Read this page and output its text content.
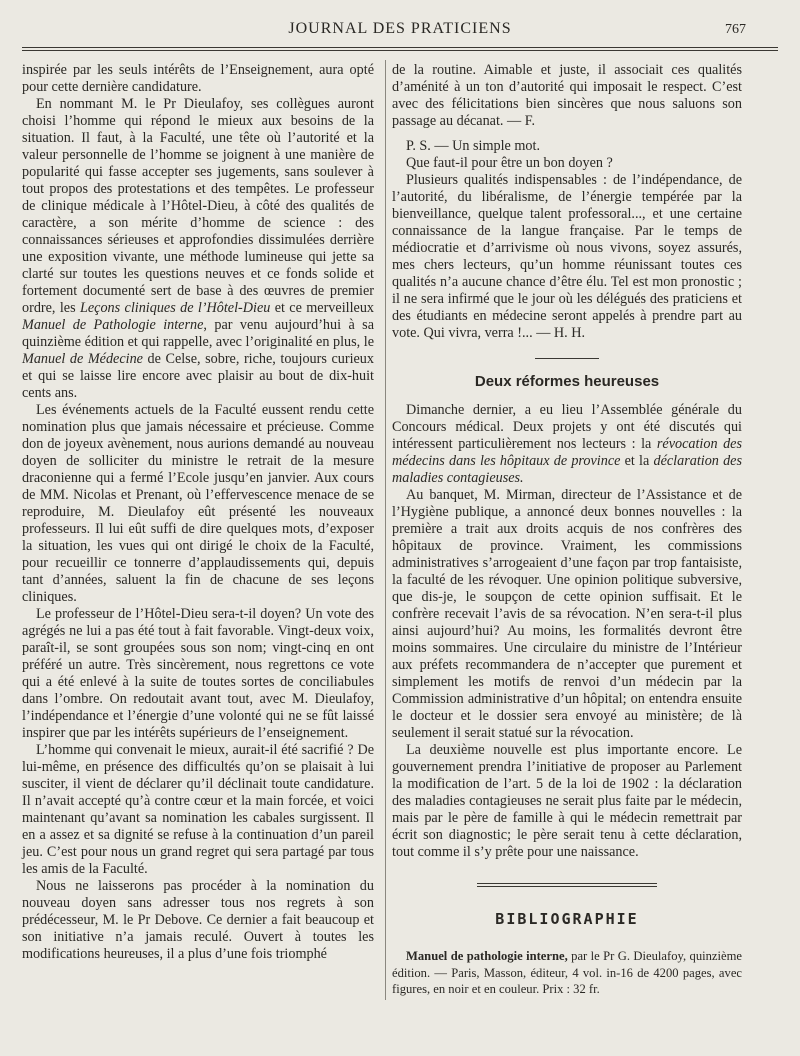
JOURNAL DES PRATICIENS	767

inspirée par les seuls intérêts de l’Enseignement, aura opté pour cette dernière candidature.

En nommant M. le Pr Dieulafoy, ses collègues auront choisi l’homme qui répond le mieux aux besoins de la situation. Il faut, à la Faculté, une tête où l’autorité et la valeur personnelle de l’homme se joignent à une manière de popularité qui fasse accepter ses jugements, sans soulever à tout propos des protestations et des tempêtes. Le professeur de clinique médicale à l’Hôtel-Dieu, à côté des qualités de caractère, a son mérite d’homme de science : des connaissances sérieuses et approfondies dissimulées derrière une exposition vivante, une méthode lumineuse qui jette sa clarté sur toutes les questions neuves et ce fonds solide et fortement documenté sert de base à des œuvres de premier ordre, les Leçons cliniques de l’Hôtel-Dieu et ce merveilleux Manuel de Pathologie interne, par venu aujourd’hui à sa quinzième édition et qui rappelle, avec l’originalité en plus, le Manuel de Médecine de Celse, sobre, riche, toujours curieux et qui se laisse lire encore avec plaisir au bout de dix-huit cents ans.

Les événements actuels de la Faculté eussent rendu cette nomination plus que jamais nécessaire et précieuse. Comme don de joyeux avènement, nous aurions demandé au nouveau doyen de solliciter du ministre le retrait de la mesure draconienne qui a fermé l’Ecole jusqu’en janvier. Aux cours de MM. Nicolas et Prenant, où l’effervescence menace de se reproduire, M. Dieulafoy eût présenté les nouveaux professeurs. Il lui eût suffi de dire quelques mots, d’exposer la situation, les vues qui ont dirigé le choix de la Faculté, pour recueillir ce tonnerre d’applaudissements qui, depuis tant d’années, saluent la fin de chacune de ses leçons cliniques.

Le professeur de l’Hôtel-Dieu sera-t-il doyen? Un vote des agrégés ne lui a pas été tout à fait favorable. Vingt-deux voix, paraît-il, se sont groupées sous son nom; vingt-cinq en ont préféré un autre. Très sincèrement, nous regrettons ce vote qui a été enlevé à la suite de toutes sortes de conciliabules dans l’ombre. On redoutait avant tout, avec M. Dieulafoy, l’indépendance et l’énergie d’une volonté qui ne se fût laissé inspirer que par les intérêts supérieurs de l’enseignement.

L’homme qui convenait le mieux, aurait-il été sacrifié ? De lui-même, en présence des difficultés qu’on se plaisait à lui susciter, il vient de déclarer qu’il déclinait toute candidature. Il n’avait accepté qu’à contre cœur et la main forcée, et voici maintenant qu’avant sa nomination les cabales surgissent. Il en a assez et sa dignité se refuse à la continuation d’un pareil jeu. C’est pour nous un grand regret qui sera partagé par tous les amis de la Faculté.

Nous ne laisserons pas procéder à la nomination du nouveau doyen sans adresser tous nos regrets à son prédécesseur, M. le Pr Debove. Ce dernier a fait beaucoup et son initiative n’a jamais reculé. Ouvert à toutes les modifications heureuses, il a plus d’une fois triomphé

de la routine. Aimable et juste, il associait ces qualités d’aménité à un ton d’autorité qui imposait le respect. C’est avec des félicitations bien sincères que nous saluons son passage au décanat. — F.

P. S. — Un simple mot.

Que faut-il pour être un bon doyen ?

Plusieurs qualités indispensables : de l’indépendance, de l’autorité, du libéralisme, de l’énergie tempérée par la bienveillance, quelque talent professoral..., et une certaine connaissance de la langue française. Par le temps de médiocratie et d’arrivisme où nous vivons, soyez assurés, mes chers lecteurs, qu’un homme réunissant toutes ces qualités n’a aucune chance d’être élu. Tel est mon pronostic ; il ne sera infirmé que le jour où les délégués des praticiens et des étudiants en médecine seront appelés à prendre part au vote. Qui vivra, verra !... — H. H.

Deux réformes heureuses

Dimanche dernier, a eu lieu l’Assemblée générale du Concours médical. Deux projets y ont été discutés qui intéressent particulièrement nos lecteurs : la révocation des médecins dans les hôpitaux de province et la déclaration des maladies contagieuses.

Au banquet, M. Mirman, directeur de l’Assistance et de l’Hygiène publique, a annoncé deux bonnes nouvelles : la première a trait aux droits acquis de nos confrères des hôpitaux de province. Vraiment, les commissions administratives s’arrogeaient d’une façon par trop fantaisiste, la faculté de les révoquer. Une opinion politique subversive, que dis-je, le soupçon de cette opinion suffisait. Et le confrère recevait l’avis de sa révocation. N’en sera-t-il plus ainsi aujourd’hui? Au moins, les formalités devront être moins sommaires. Une circulaire du ministre de l’Intérieur aux préfets recommandera de n’accepter que purement et simplement les motifs de renvoi d’un médecin par la Commission administrative d’un hôpital; on entendra ensuite le docteur et le dossier sera envoyé au ministère; de là seulement il serait statué sur la révocation.

La deuxième nouvelle est plus importante encore. Le gouvernement prendra l’initiative de proposer au Parlement la modification de l’art. 5 de la loi de 1902 : la déclaration des maladies contagieuses ne serait plus faite par le médecin, mais par le père de famille à qui le médecin remettrait par écrit son diagnostic; le père serait tenu à cette déclaration, tout comme il s’y prête pour une naissance.

BIBLIOGRAPHIE

Manuel de pathologie interne, par le Pr G. Dieulafoy, quinzième édition. — Paris, Masson, éditeur, 4 vol. in-16 de 4200 pages, avec figures, en noir et en couleur. Prix : 32 fr.
